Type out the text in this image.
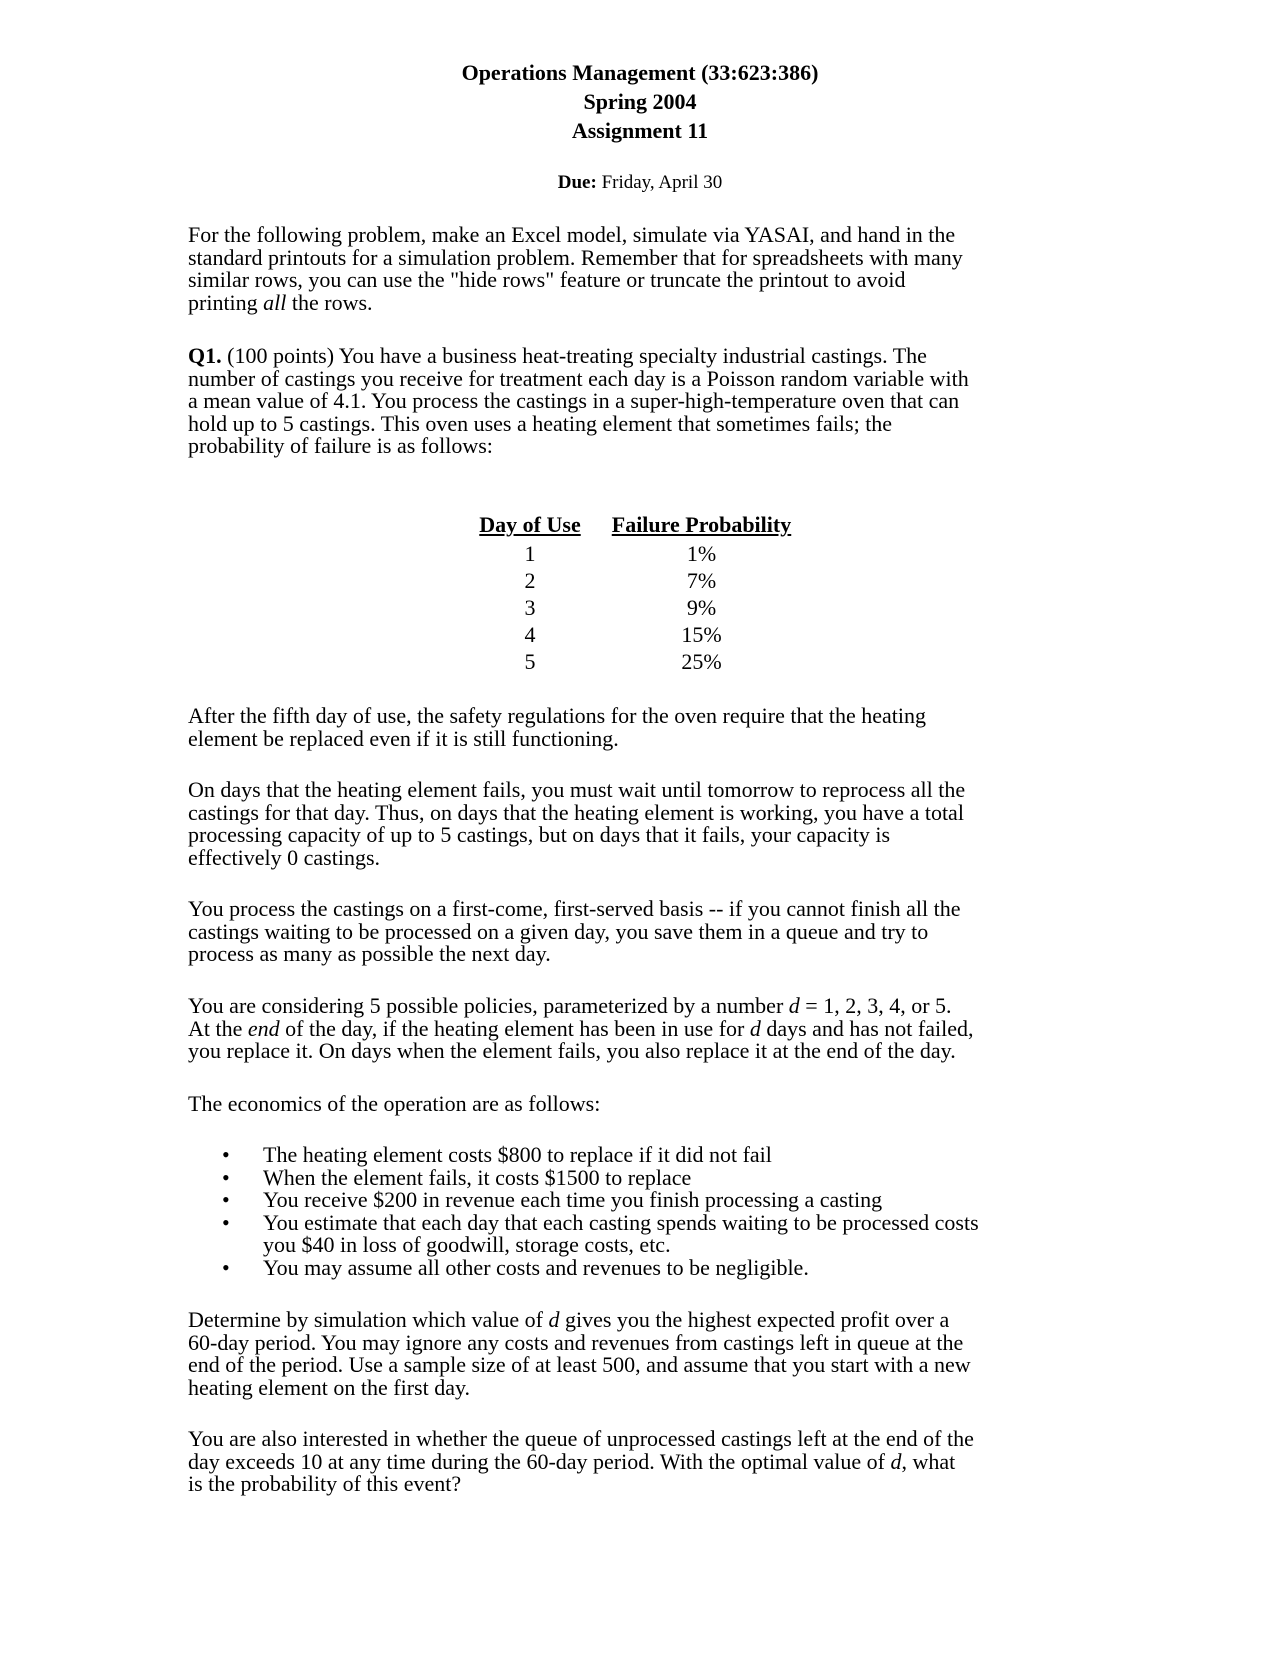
Operations Management (33:623:386)
Spring 2004
Assignment 11
Due: Friday, April 30

For the following problem, make an Excel model, simulate via YASAI, and hand in the
standard printouts for a simulation problem. Remember that for spreadsheets with many
similar rows, you can use the "hide rows" feature or truncate the printout to avoid
printing all the rows.

Q1. (100 points) You have a business heat-treating specialty industrial castings. The
number of castings you receive for treatment each day is a Poisson random variable with
a mean value of 4.1. You process the castings in a super-high-temperature oven that can
hold up to 5 castings. This oven uses a heating element that sometimes fails; the
probability of failure is as follows:

Day of Use	Failure Probability
1	1%
2	7%
3	9%
4	15%
5	25%

After the fifth day of use, the safety regulations for the oven require that the heating
element be replaced even if it is still functioning.

On days that the heating element fails, you must wait until tomorrow to reprocess all the
castings for that day. Thus, on days that the heating element is working, you have a total
processing capacity of up to 5 castings, but on days that it fails, your capacity is
effectively 0 castings.

You process the castings on a first-come, first-served basis -- if you cannot finish all the
castings waiting to be processed on a given day, you save them in a queue and try to
process as many as possible the next day.

You are considering 5 possible policies, parameterized by a number d = 1, 2, 3, 4, or 5.
At the end of the day, if the heating element has been in use for d days and has not failed,
you replace it. On days when the element fails, you also replace it at the end of the day.

The economics of the operation are as follows:

• The heating element costs $800 to replace if it did not fail
• When the element fails, it costs $1500 to replace
• You receive $200 in revenue each time you finish processing a casting
• You estimate that each day that each casting spends waiting to be processed costs
you $40 in loss of goodwill, storage costs, etc.
• You may assume all other costs and revenues to be negligible.

Determine by simulation which value of d gives you the highest expected profit over a
60-day period. You may ignore any costs and revenues from castings left in queue at the
end of the period. Use a sample size of at least 500, and assume that you start with a new
heating element on the first day.

You are also interested in whether the queue of unprocessed castings left at the end of the
day exceeds 10 at any time during the 60-day period. With the optimal value of d, what
is the probability of this event?
